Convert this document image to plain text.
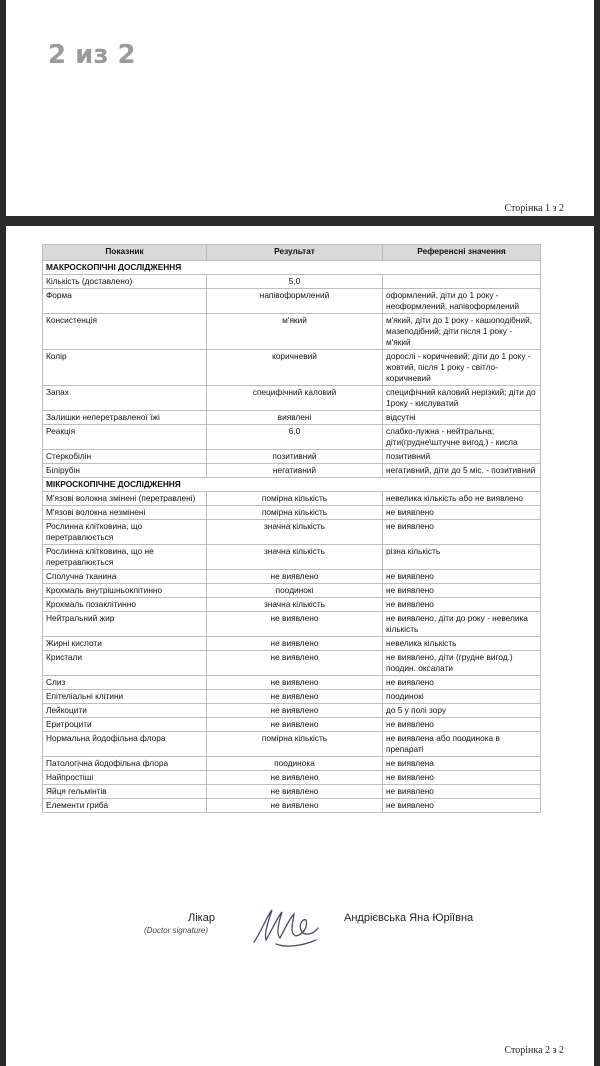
2 из 2
Сторінка 1 з 2
Показник	Результат	Референсні значення
МАКРОСКОПІЧНІ ДОСЛІДЖЕННЯ		
Кількість (доставлено)	5,0	
Форма	напівоформлений	оформлений, діти до 1 року - неоформлений, напівоформлений
Консистенція	м'який	м'який, діти до 1 року - кашоподібний, мазеподібний; діти після 1 року - м'який
Колір	коричневий	дорослі - коричневий; діти до 1 року - жовтий, після 1 року - світло-коричневий
Запах	специфічний каловий	специфічний каловий нерізкий; діти до 1року - кислуватий
Залишки неперетравленої їжі	виявлені	відсутні
Реакція	6,0	слабко-лужна - нейтральна; діти(грудне\штучне вигод.) - кисла
Стеркобілін	позитивний	позитивний
Білірубін	негативний	негативний, діти до 5 міс. - позитивний
МІКРОСКОПІЧНЕ ДОСЛІДЖЕННЯ		
М'язові волокна змінені (перетравлені)	помірна кількість	невелика кількість або не виявлено
М'язові волокна незмінені	помірна кількість	не виявлено
Рослинна клітковина, що перетравлюється	значна кількість	не виявлено
Рослинна клітковина, що не перетравлюється	значна кількість	різна кількість
Сполучна тканина	не виявлено	не виявлено
Крохмаль внутрішньоклітинно	поодинокі	не виявлено
Крохмаль позаклітинно	значна кількість	не виявлено
Нейтральний жир	не виявлено	не виявлено, діти до року - невелика кількість
Жирні кислоти	не виявлено	невелика кількість
Кристали	не виявлено	не виявлено, діти (грудне вигод.) поодин. оксалати
Слиз	не виявлено	не виявлено
Епітеліальні клітини	не виявлено	поодинокі
Лейкоцити	не виявлено	до 5 у полі зору
Еритроцити	не виявлено	не виявлено
Нормальна йодофільна флора	помірна кількість	не виявлена або поодинока в препараті
Патологічна йодофільна флора	поодинока	не виявлена
Найпростіші	не виявлено	не виявлено
Яйця гельмінтів	не виявлено	не виявлено
Елементи гриба	не виявлено	не виявлено
Лікар
(Doctor signature)
Андрієвська Яна Юріївна
Сторінка 2 з 2
